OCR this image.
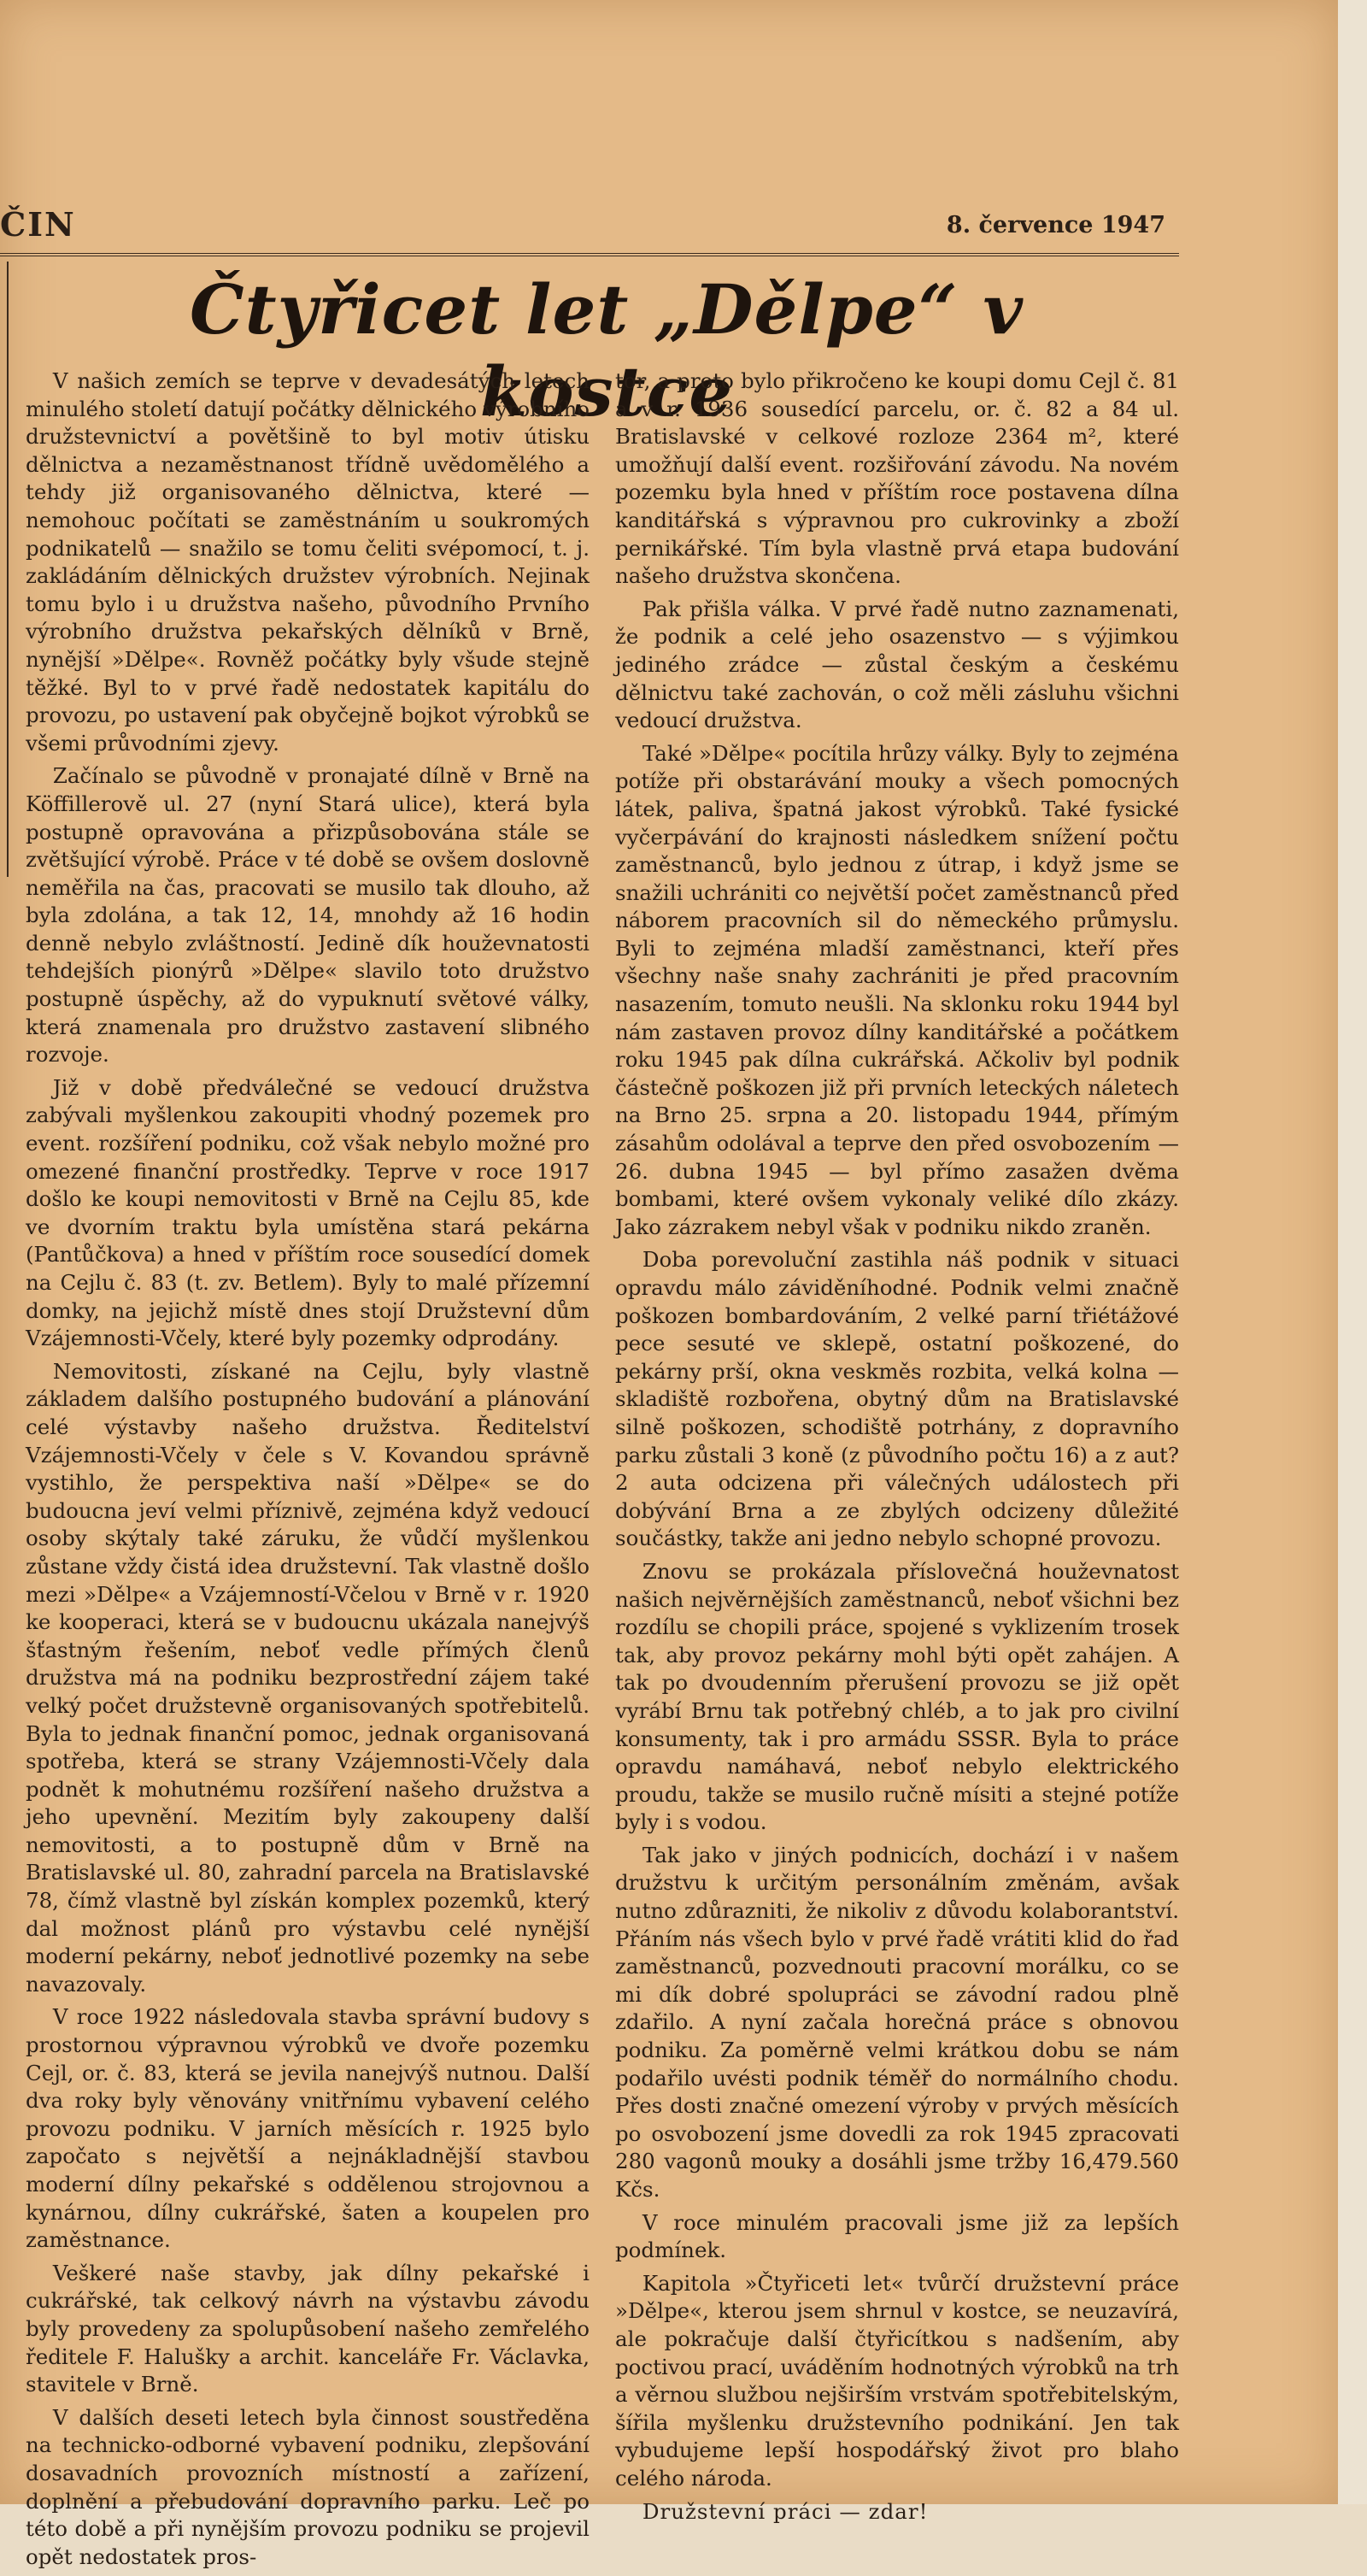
ČIN	8. července 1947
Čtyřicet let „Dělpe“ v kostce

V našich zemích se teprve v devadesátých letech minulého století datují počátky dělnického výrobního družstevnictví a povětšině to byl motiv útisku dělnictva a nezaměstnanost třídně uvědomělého a tehdy již organisovaného dělnictva, které — nemohouc počítati se zaměstnáním u soukromých podnikatelů — snažilo se tomu čeliti svépomocí, t. j. zakládáním dělnických družstev výrobních. Nejinak tomu bylo i u družstva našeho, původního Prvního výrobního družstva pekařských dělníků v Brně, nynější »Dělpe«. Rovněž počátky byly všude stejně těžké. Byl to v prvé řadě nedostatek kapitálu do provozu, po ustavení pak obyčejně bojkot výrobků se všemi průvodními zjevy.

Začínalo se původně v pronajaté dílně v Brně na Köffillerově ul. 27 (nyní Stará ulice), která byla postupně opravována a přizpůsobována stále se zvětšující výrobě. Práce v té době se ovšem doslovně neměřila na čas, pracovati se musilo tak dlouho, až byla zdolána, a tak 12, 14, mnohdy až 16 hodin denně nebylo zvláštností. Jedině dík houževnatosti tehdejších pionýrů »Dělpe« slavilo toto družstvo postupně úspěchy, až do vypuknutí světové války, která znamenala pro družstvo zastavení slibného rozvoje.

Již v době předválečné se vedoucí družstva zabývali myšlenkou zakoupiti vhodný pozemek pro event. rozšíření podniku, což však nebylo možné pro omezené finanční prostředky. Teprve v roce 1917 došlo ke koupi nemovitosti v Brně na Cejlu 85, kde ve dvorním traktu byla umístěna stará pekárna (Pantůčkova) a hned v příštím roce sousedící domek na Cejlu č. 83 (t. zv. Betlem). Byly to malé přízemní domky, na jejichž místě dnes stojí Družstevní dům Vzájemnosti-Včely, které byly pozemky odprodány.

Nemovitosti, získané na Cejlu, byly vlastně základem dalšího postupného budování a plánování celé výstavby našeho družstva. Ředitelství Vzájemnosti-Včely v čele s V. Kovandou správně vystihlo, že perspektiva naší »Dělpe« se do budoucna jeví velmi příznivě, zejména když vedoucí osoby skýtaly také záruku, že vůdčí myšlenkou zůstane vždy čistá idea družstevní. Tak vlastně došlo mezi »Dělpe« a Vzájemností-Včelou v Brně v r. 1920 ke kooperaci, která se v budoucnu ukázala nanejvýš šťastným řešením, neboť vedle přímých členů družstva má na podniku bezprostřední zájem také velký počet družstevně organisovaných spotřebitelů. Byla to jednak finanční pomoc, jednak organisovaná spotřeba, která se strany Vzájemnosti-Včely dala podnět k mohutnému rozšíření našeho družstva a jeho upevnění. Mezitím byly zakoupeny další nemovitosti, a to postupně dům v Brně na Bratislavské ul. 80, zahradní parcela na Bratislavské 78, čímž vlastně byl získán komplex pozemků, který dal možnost plánů pro výstavbu celé nynější moderní pekárny, neboť jednotlivé pozemky na sebe navazovaly.

V roce 1922 následovala stavba správní budovy s prostornou výpravnou výrobků ve dvoře pozemku Cejl, or. č. 83, která se jevila nanejvýš nutnou. Další dva roky byly věnovány vnitřnímu vybavení celého provozu podniku. V jarních měsících r. 1925 bylo započato s největší a nejnákladnější stavbou moderní dílny pekařské s oddělenou strojovnou a kynárnou, dílny cukrářské, šaten a koupelen pro zaměstnance.

Veškeré naše stavby, jak dílny pekařské i cukrářské, tak celkový návrh na výstavbu závodu byly provedeny za spolupůsobení našeho zemřelého ředitele F. Halušky a archit. kanceláře Fr. Václavka, stavitele v Brně.

V dalších deseti letech byla činnost soustředěna na technicko-odborné vybavení podniku, zlepšování dosavadních provozních místností a zařízení, doplnění a přebudování dopravního parku. Leč po této době a při nynějším provozu podniku se projevil opět nedostatek pros-

tor, a proto bylo přikročeno ke koupi domu Cejl č. 81 a v r. 1936 sousedící parcelu, or. č. 82 a 84 ul. Bratislavské v celkové rozloze 2364 m², které umožňují další event. rozšiřování závodu. Na novém pozemku byla hned v příštím roce postavena dílna kanditářská s výpravnou pro cukrovinky a zboží pernikářské. Tím byla vlastně prvá etapa budování našeho družstva skončena.

Pak přišla válka. V prvé řadě nutno zaznamenati, že podnik a celé jeho osazenstvo — s výjimkou jediného zrádce — zůstal českým a českému dělnictvu také zachován, o což měli zásluhu všichni vedoucí družstva.

Také »Dělpe« pocítila hrůzy války. Byly to zejména potíže při obstarávání mouky a všech pomocných látek, paliva, špatná jakost výrobků. Také fysické vyčerpávání do krajnosti následkem snížení počtu zaměstnanců, bylo jednou z útrap, i když jsme se snažili uchrániti co největší počet zaměstnanců před náborem pracovních sil do německého průmyslu. Byli to zejména mladší zaměstnanci, kteří přes všechny naše snahy zachrániti je před pracovním nasazením, tomuto neušli. Na sklonku roku 1944 byl nám zastaven provoz dílny kanditářské a počátkem roku 1945 pak dílna cukrářská. Ačkoliv byl podnik částečně poškozen již při prvních leteckých náletech na Brno 25. srpna a 20. listopadu 1944, přímým zásahům odolával a teprve den před osvobozením — 26. dubna 1945 — byl přímo zasažen dvěma bombami, které ovšem vykonaly veliké dílo zkázy. Jako zázrakem nebyl však v podniku nikdo zraněn.

Doba porevoluční zastihla náš podnik v situaci opravdu málo záviděníhodné. Podnik velmi značně poškozen bombardováním, 2 velké parní třiétážové pece sesuté ve sklepě, ostatní poškozené, do pekárny prší, okna veskměs rozbita, velká kolna — skladiště rozbořena, obytný dům na Bratislavské silně poškozen, schodiště potrhány, z dopravního parku zůstali 3 koně (z původního počtu 16) a z aut? 2 auta odcizena při válečných událostech při dobývání Brna a ze zbylých odcizeny důležité součástky, takže ani jedno nebylo schopné provozu.

Znovu se prokázala příslovečná houževnatost našich nejvěrnějších zaměstnanců, neboť všichni bez rozdílu se chopili práce, spojené s vyklizením trosek tak, aby provoz pekárny mohl býti opět zahájen. A tak po dvoudenním přerušení provozu se již opět vyrábí Brnu tak potřebný chléb, a to jak pro civilní konsumenty, tak i pro armádu SSSR. Byla to práce opravdu namáhavá, neboť nebylo elektrického proudu, takže se musilo ručně mísiti a stejné potíže byly i s vodou.

Tak jako v jiných podnicích, dochází i v našem družstvu k určitým personálním změnám, avšak nutno zdůrazniti, že nikoliv z důvodu kolaborantství. Přáním nás všech bylo v prvé řadě vrátiti klid do řad zaměstnanců, pozvednouti pracovní morálku, co se mi dík dobré spolupráci se závodní radou plně zdařilo. A nyní začala horečná práce s obnovou podniku. Za poměrně velmi krátkou dobu se nám podařilo uvésti podnik téměř do normálního chodu. Přes dosti značné omezení výroby v prvých měsících po osvobození jsme dovedli za rok 1945 zpracovati 280 vagonů mouky a dosáhli jsme tržby 16,479.560 Kčs.

V roce minulém pracovali jsme již za lepších podmínek.

Kapitola »Čtyřiceti let« tvůrčí družstevní práce »Dělpe«, kterou jsem shrnul v kostce, se neuzavírá, ale pokračuje další čtyřicítkou s nadšením, aby poctivou prací, uváděním hodnotných výrobků na trh a věrnou službou nejširším vrstvám spotřebitelským, šířila myšlenku družstevního podnikání. Jen tak vybudujeme lepší hospodářský život pro blaho celého národa.

Družstevní práci — zdar!
